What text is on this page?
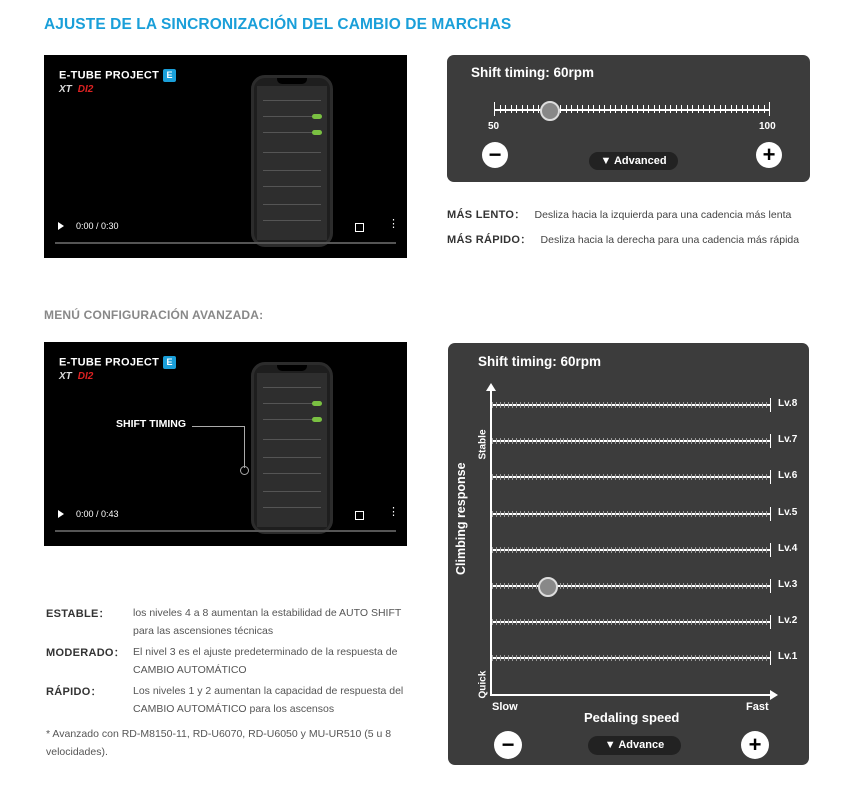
AJUSTE DE LA SINCRONIZACIÓN DEL CAMBIO DE MARCHAS
E-TUBE PROJECT E
XT DI2
0:00 / 0:30	⋮
Shift timing: 60rpm
50	100
−	▼ Advanced	+
MÁS LENTO： Desliza hacia la izquierda para una cadencia más lenta
MÁS RÁPIDO： Desliza hacia la derecha para una cadencia más rápida
MENÚ CONFIGURACIÓN AVANZADA:
E-TUBE PROJECT E
XT DI2
SHIFT TIMING
0:00 / 0:43	⋮
Shift timing: 60rpm
Climbing response
Stable
Quick
Lv.8
Lv.7
Lv.6
Lv.5
Lv.4
Lv.3
Lv.2
Lv.1
Slow	Fast
Pedaling speed
−	▼ Advance	+
ESTABLE： los niveles 4 a 8 aumentan la estabilidad de AUTO SHIFT
para las ascensiones técnicas
MODERADO： El nivel 3 es el ajuste predeterminado de la respuesta de
CAMBIO AUTOMÁTICO
RÁPIDO：	Los niveles 1 y 2 aumentan la capacidad de respuesta del
CAMBIO AUTOMÁTICO para los ascensos
* Avanzado con RD-M8150-11, RD-U6070, RD-U6050 y MU-UR510 (5 u 8
velocidades).
